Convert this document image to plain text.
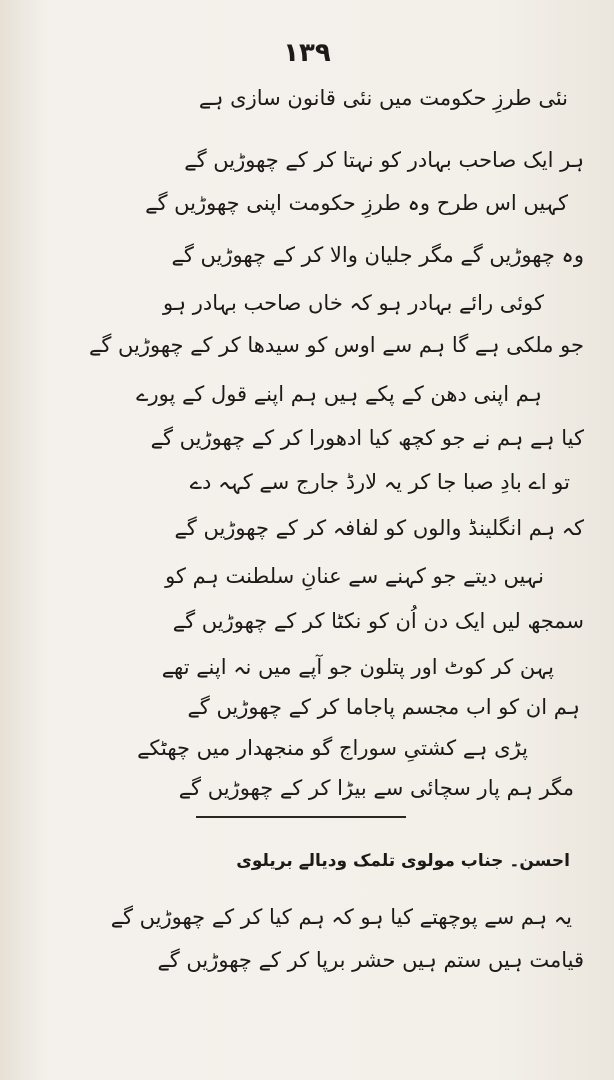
۱۳۹
نئی طرزِ حکومت میں نئی قانون سازی ہے
ہر ایک صاحب بہادر کو نہتا کر کے چھوڑیں گے
کہیں اس طرح وہ طرزِ حکومت اپنی چھوڑیں گے
وہ چھوڑیں گے مگر جلیان والا کر کے چھوڑیں گے
کوئی رائے بہادر ہو کہ خاں صاحب بہادر ہو
جو ملکی ہے گا ہم سے اوس کو سیدھا کر کے چھوڑیں گے
ہم اپنی دھن کے پکے ہیں ہم اپنے قول کے پورے
کیا ہے ہم نے جو کچھ کیا ادھورا کر کے چھوڑیں گے
تو اے بادِ صبا جا کر یہ لارڈ جارج سے کہہ دے
کہ ہم انگلینڈ والوں کو لفافہ کر کے چھوڑیں گے
نہیں دیتے جو کہنے سے عنانِ سلطنت ہم کو
سمجھ لیں ایک دن اُن کو نکٹا کر کے چھوڑیں گے
پہن کر کوٹ اور پتلون جو آپے میں نہ اپنے تھے
ہم ان کو اب مجسم پاجاما کر کے چھوڑیں گے
پڑی ہے کشتیِ سوراج گو منجھدار میں چھٹکے
مگر ہم پار سچائی سے بیڑا کر کے چھوڑیں گے
احسن۔ جناب مولوی تلمک ودیالے بریلوی
یہ ہم سے پوچھتے کیا ہو کہ ہم کیا کر کے چھوڑیں گے
قیامت ہیں ستم ہیں حشر برپا کر کے چھوڑیں گے
